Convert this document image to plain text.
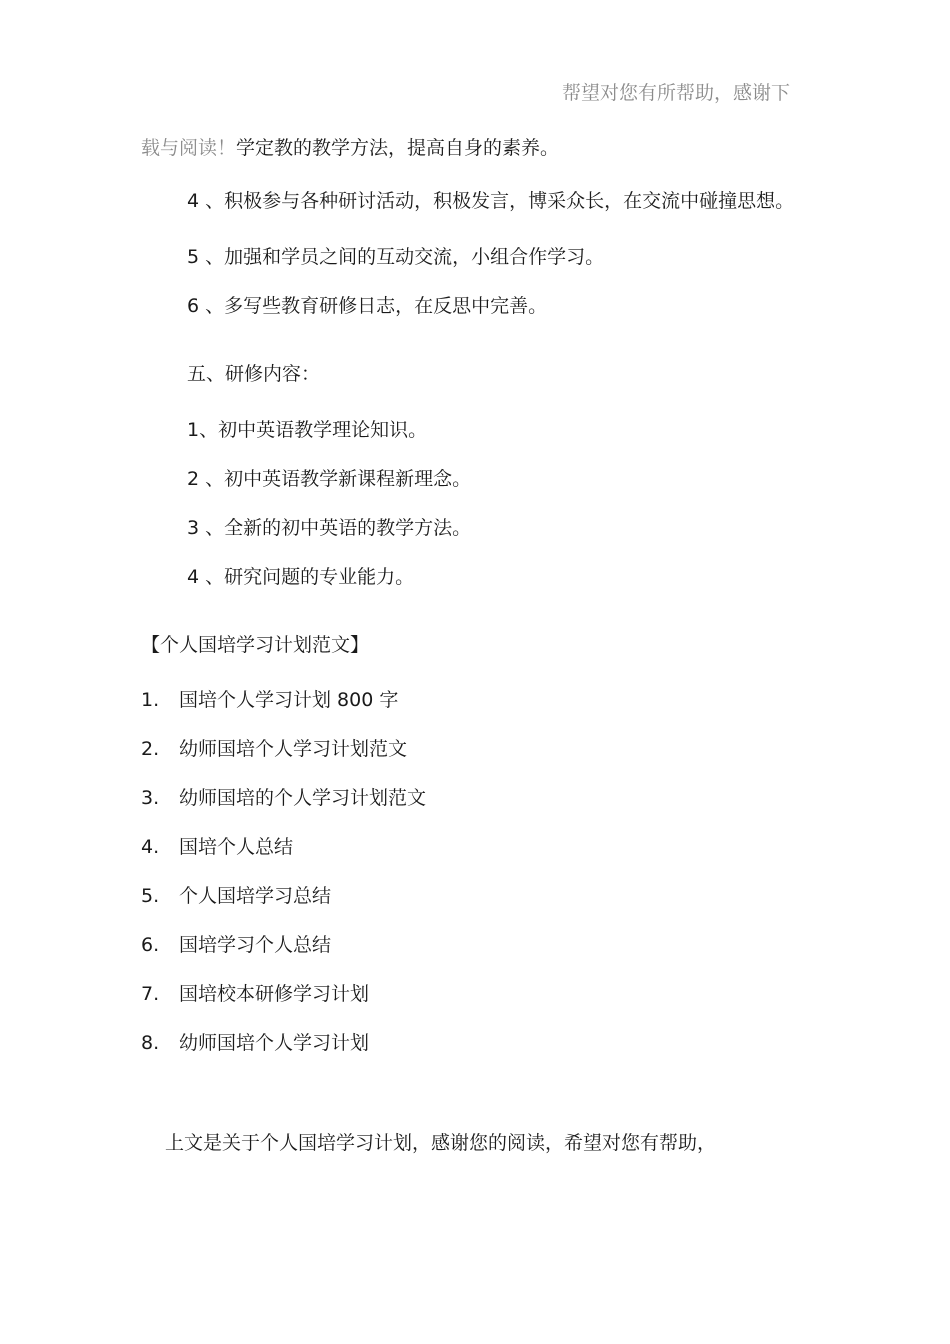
帮望对您有所帮助，感谢下
载与阅读！学定教的教学方法，提高自身的素养。
4 、积极参与各种研讨活动，积极发言，博采众长，在交流中碰撞思想。
5 、加强和学员之间的互动交流，小组合作学习。
6 、多写些教育研修日志，在反思中完善。
五、研修内容：
1、初中英语教学理论知识。
2 、初中英语教学新课程新理念。
3 、全新的初中英语的教学方法。
4 、研究问题的专业能力。
【个人国培学习计划范文】
1. 国培个人学习计划 800 字
2. 幼师国培个人学习计划范文
3. 幼师国培的个人学习计划范文
4. 国培个人总结
5. 个人国培学习总结
6. 国培学习个人总结
7. 国培校本研修学习计划
8. 幼师国培个人学习计划
上文是关于个人国培学习计划，感谢您的阅读，希望对您有帮助，
